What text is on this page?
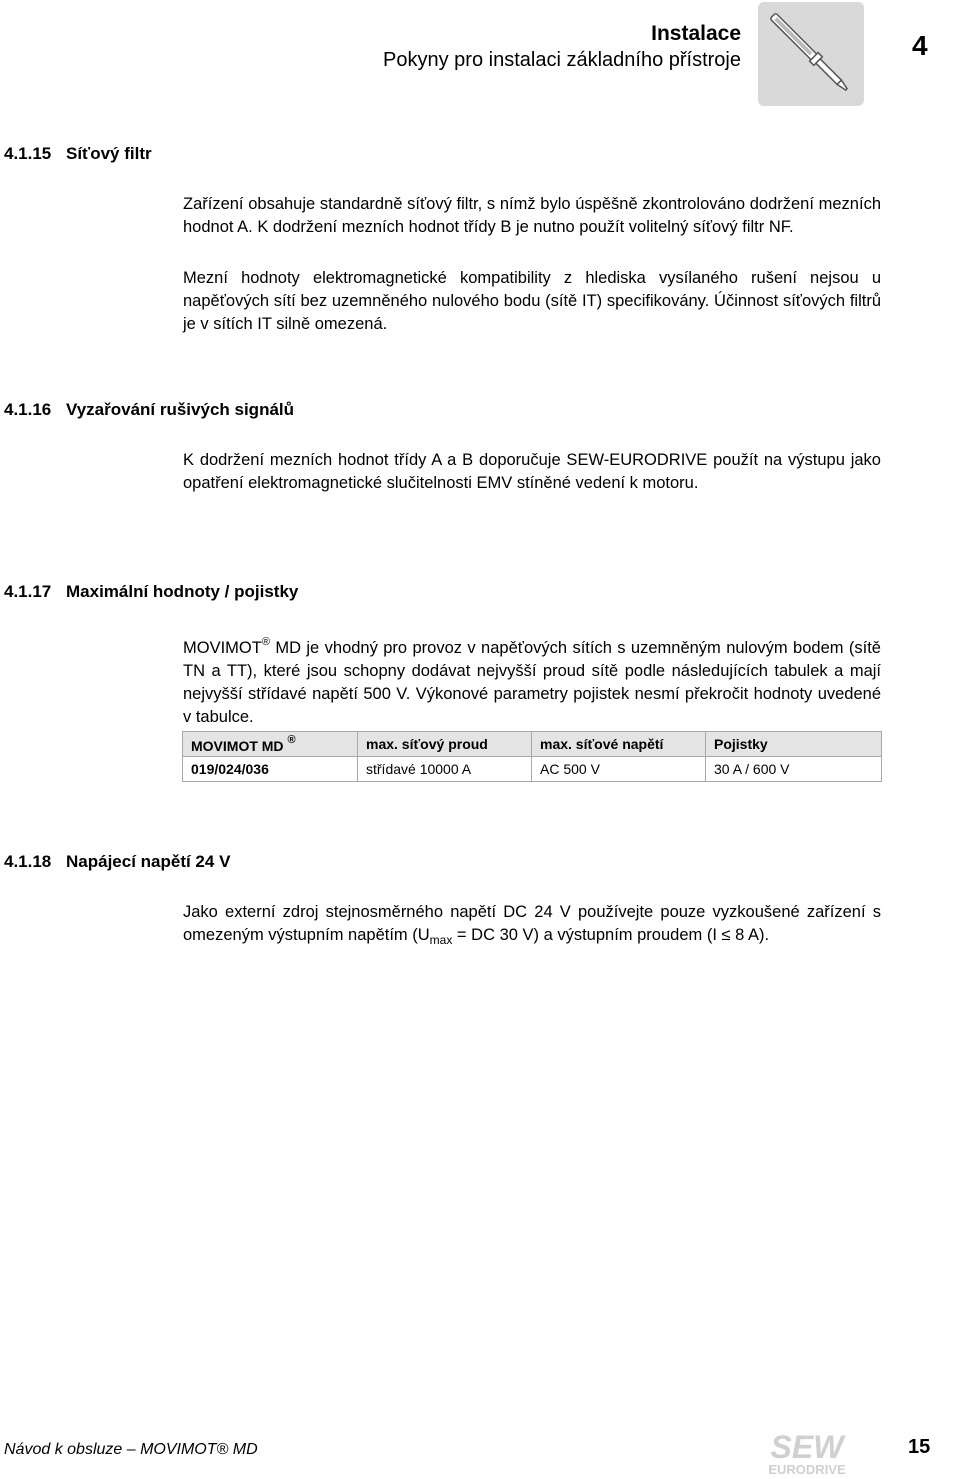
Instalace
Pokyny pro instalaci základního přístroje	4
4.1.15 Síťový filtr
Zařízení obsahuje standardně síťový filtr, s nímž bylo úspěšně zkontrolováno dodržení mezních hodnot A. K dodržení mezních hodnot třídy B je nutno použít volitelný síťový filtr NF.
Mezní hodnoty elektromagnetické kompatibility z hlediska vysílaného rušení nejsou u napěťových sítí bez uzemněného nulového bodu (sítě IT) specifikovány. Účinnost síťových filtrů je v sítích IT silně omezená.
4.1.16 Vyzařování rušivých signálů
K dodržení mezních hodnot třídy A a B doporučuje SEW-EURODRIVE použít na výstupu jako opatření elektromagnetické slučitelnosti EMV stíněné vedení k motoru.
4.1.17 Maximální hodnoty / pojistky
MOVIMOT® MD je vhodný pro provoz v napěťových sítích s uzemněným nulovým bodem (sítě TN a TT), které jsou schopny dodávat nejvyšší proud sítě podle následujících tabulek a mají nejvyšší střídavé napětí 500 V. Výkonové parametry pojistek nesmí překročit hodnoty uvedené v tabulce.
MOVIMOT MD ®	max. síťový proud	max. síťové napětí	Pojistky
019/024/036	střídavé 10000 A	AC 500 V	30 A / 600 V
4.1.18 Napájecí napětí 24 V
Jako externí zdroj stejnosměrného napětí DC 24 V používejte pouze vyzkoušené zařízení s omezeným výstupním napětím ($U_{max}$ = DC 30 V) a výstupním proudem (I ≤ 8 A).
Návod k obsluze – MOVIMOT® MD	SEW
EURODRIVE
15
